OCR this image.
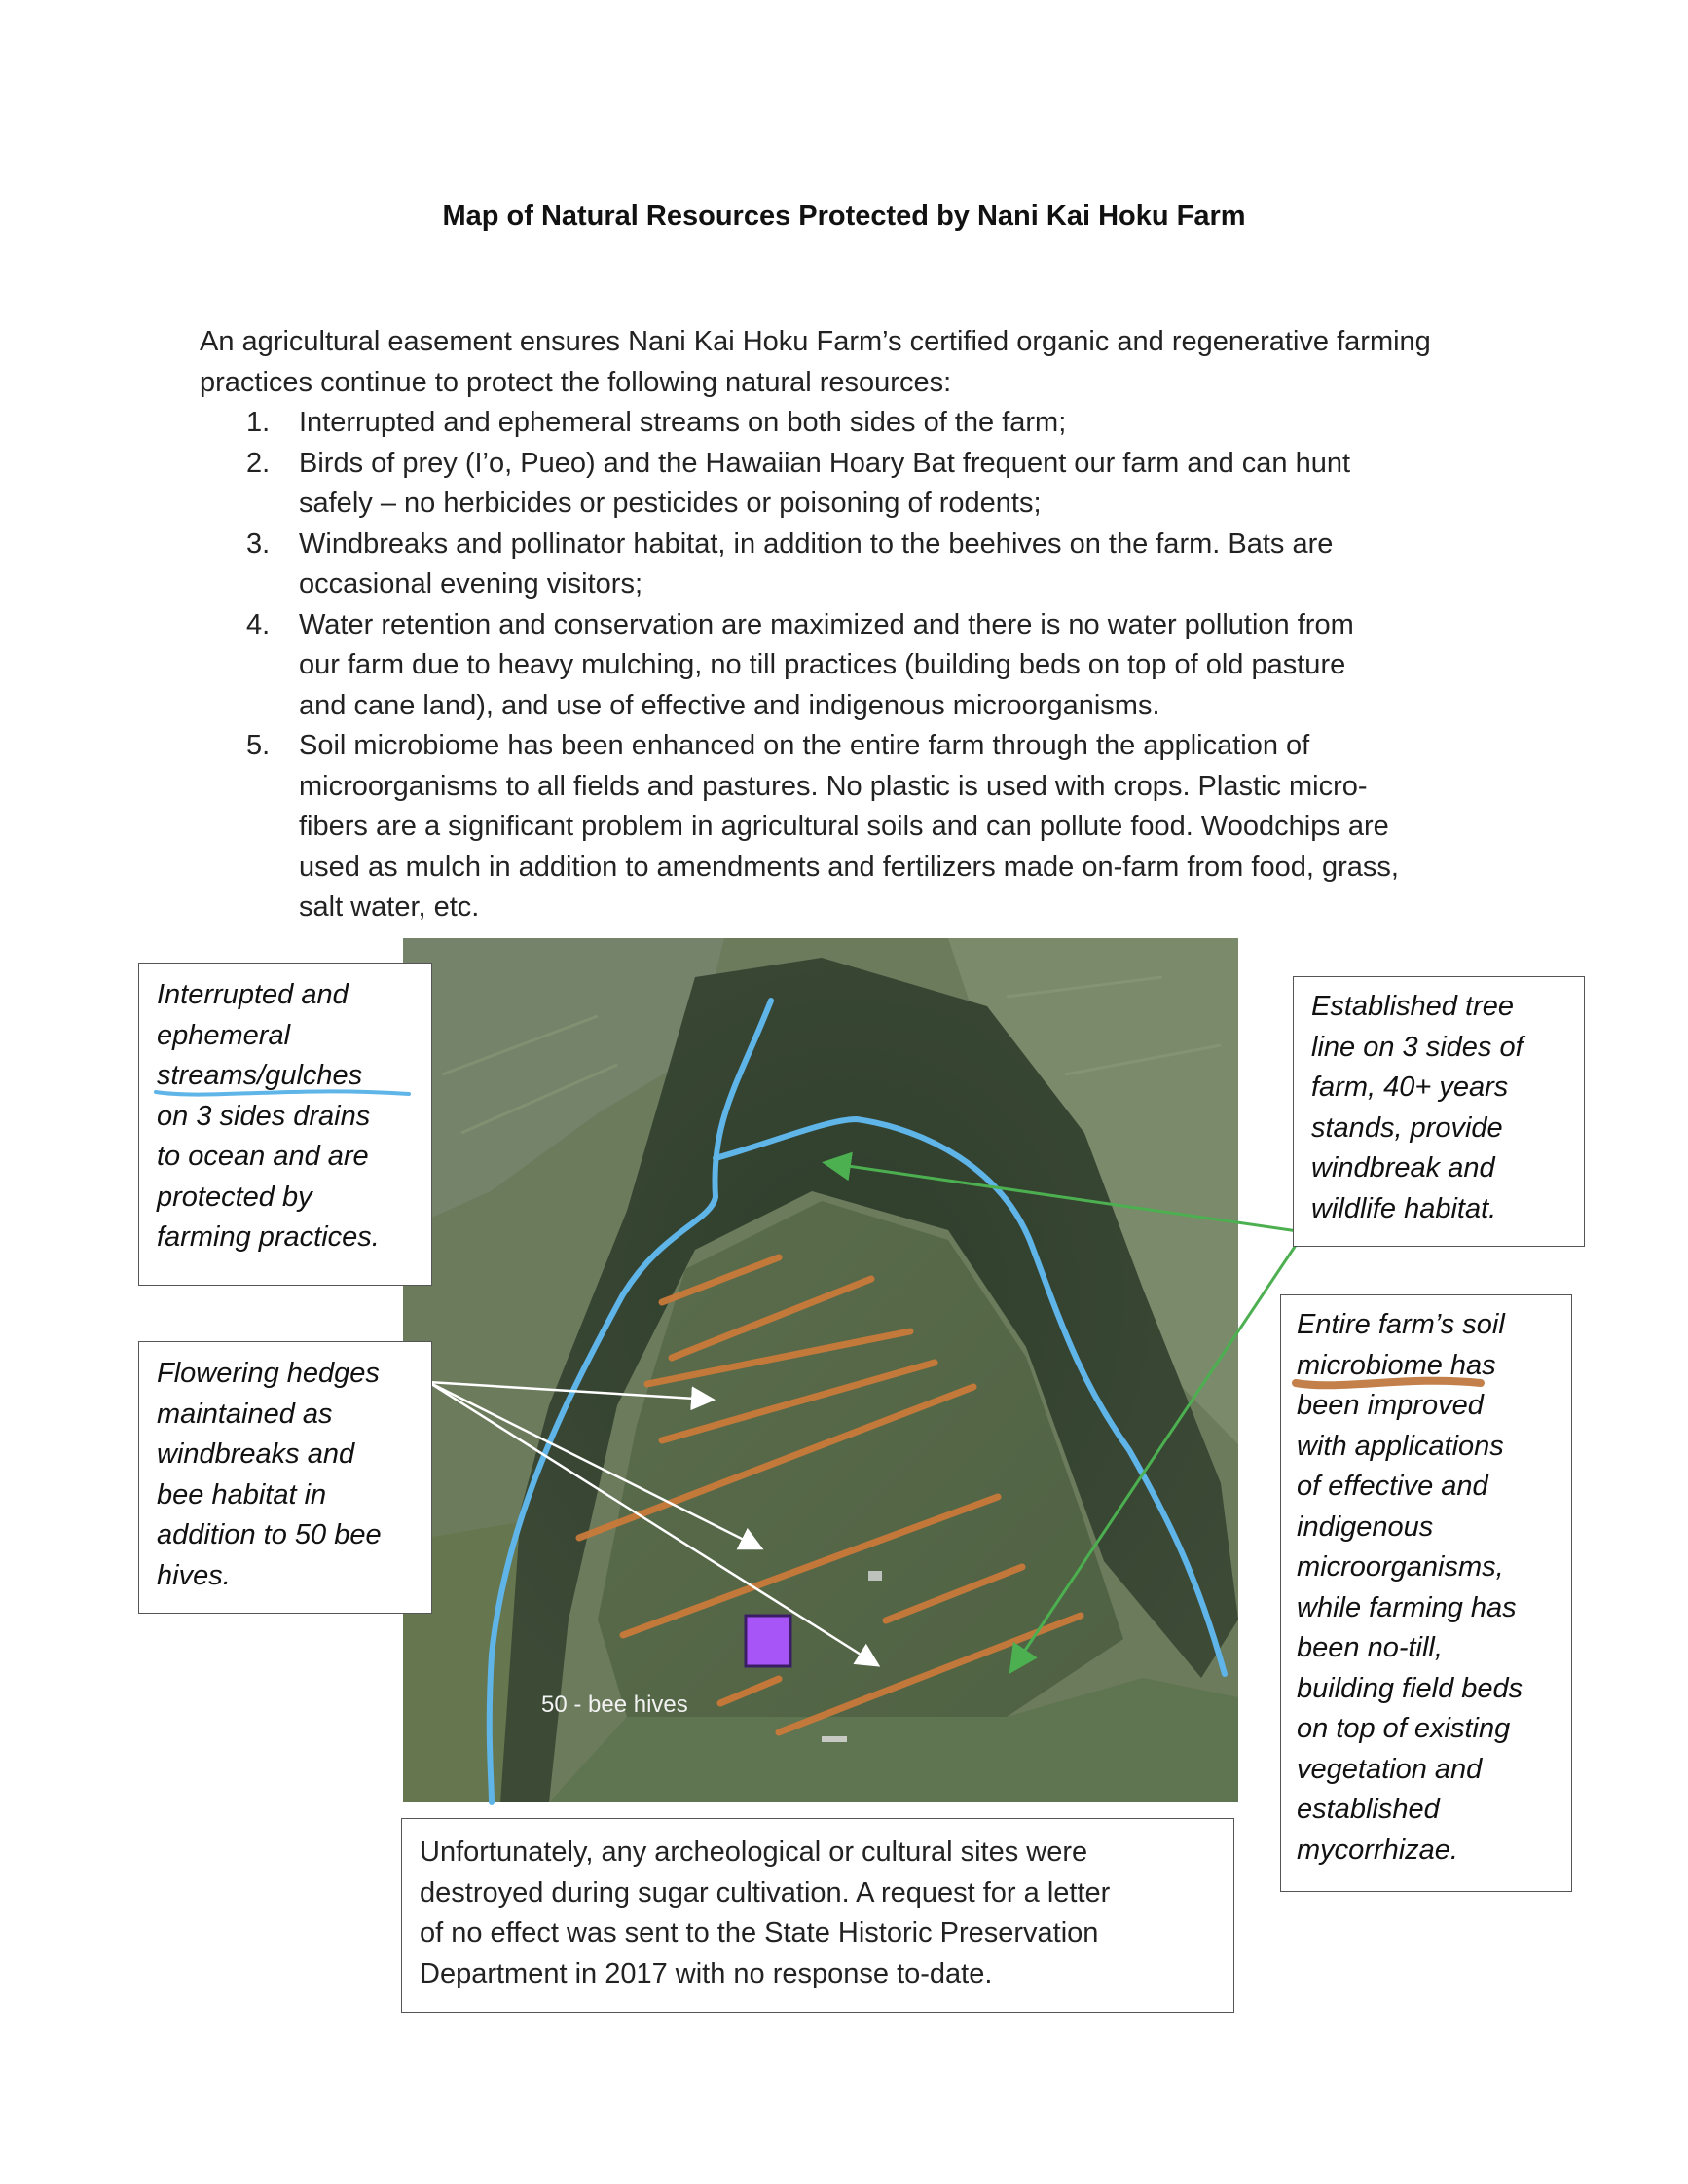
Map of Natural Resources Protected by Nani Kai Hoku Farm
An agricultural easement ensures Nani Kai Hoku Farm’s certified organic and regenerative farming practices continue to protect the following natural resources:
1. Interrupted and ephemeral streams on both sides of the farm;
2. Birds of prey (I’o, Pueo) and the Hawaiian Hoary Bat frequent our farm and can hunt
safely – no herbicides or pesticides or poisoning of rodents;
3. Windbreaks and pollinator habitat, in addition to the beehives on the farm. Bats are
occasional evening visitors;
4. Water retention and conservation are maximized and there is no water pollution from
our farm due to heavy mulching, no till practices (building beds on top of old pasture
and cane land), and use of effective and indigenous microorganisms.
5. Soil microbiome has been enhanced on the entire farm through the application of
microorganisms to all fields and pastures. No plastic is used with crops. Plastic micro-
fibers are a significant problem in agricultural soils and can pollute food. Woodchips are
used as mulch in addition to amendments and fertilizers made on-farm from food, grass,
salt water, etc.
50 - bee hives
Interrupted and
ephemeral
streams/gulches
on 3 sides drains
to ocean and are
protected by
farming practices.
Flowering hedges
maintained as
windbreaks and
bee habitat in
addition to 50 bee
hives.
Established tree
line on 3 sides of
farm, 40+ years
stands, provide
windbreak and
wildlife habitat.
Entire farm’s soil
microbiome has
been improved
with applications
of effective and
indigenous
microorganisms,
while farming has
been no-till,
building field beds
on top of existing
vegetation and
established
mycorrhizae.
Unfortunately, any archeological or cultural sites were
destroyed during sugar cultivation. A request for a letter
of no effect was sent to the State Historic Preservation
Department in 2017 with no response to-date.
